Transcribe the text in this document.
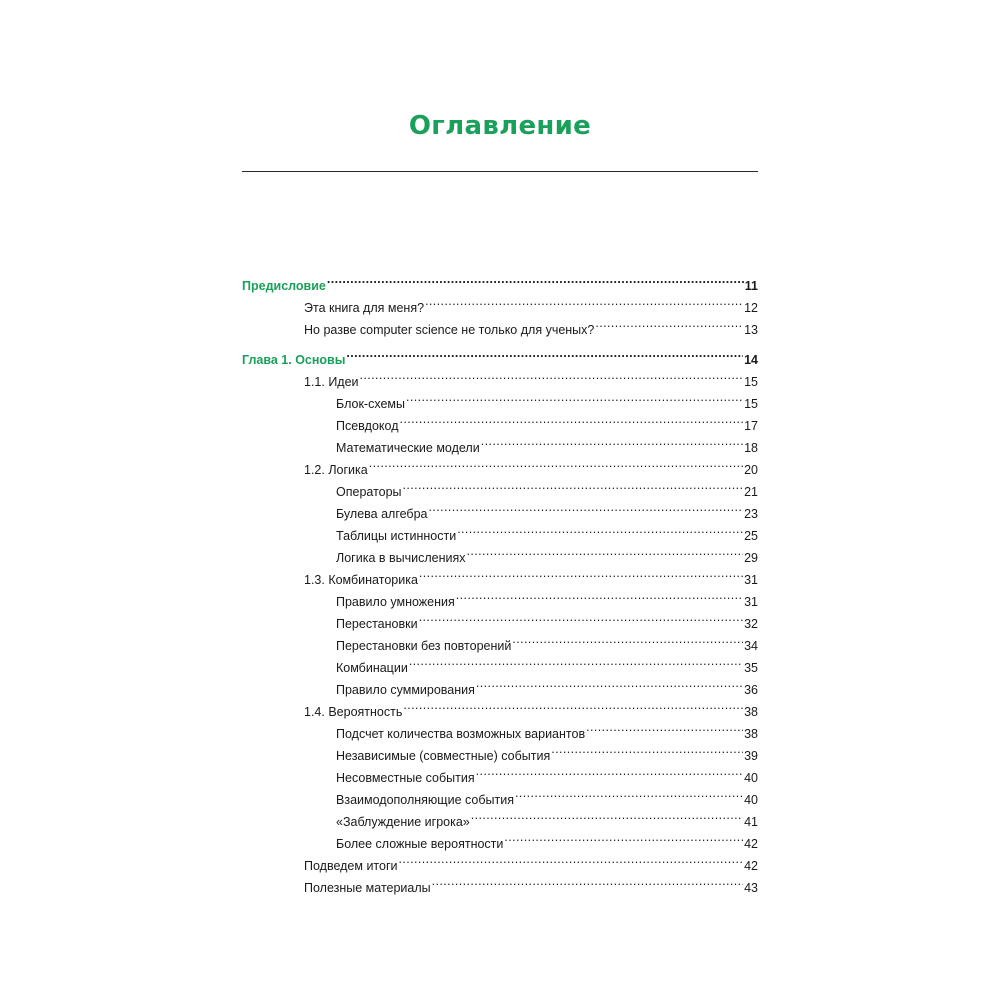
Оглавление
Предисловие .....	11
Эта книга для меня? .....	12
Но разве computer science не только для ученых? .....	13
Глава 1. Основы .....	14
1.1. Идеи .....	15
Блок-схемы .....	15
Псевдокод .....	17
Математические модели .....	18
1.2. Логика .....	20
Операторы .....	21
Булева алгебра .....	23
Таблицы истинности .....	25
Логика в вычислениях .....	29
1.3. Комбинаторика .....	31
Правило умножения .....	31
Перестановки .....	32
Перестановки без повторений .....	34
Комбинации .....	35
Правило суммирования .....	36
1.4. Вероятность .....	38
Подсчет количества возможных вариантов .....	38
Независимые (совместные) события .....	39
Несовместные события .....	40
Взаимодополняющие события .....	40
«Заблуждение игрока» .....	41
Более сложные вероятности .....	42
Подведем итоги .....	42
Полезные материалы .....	43
